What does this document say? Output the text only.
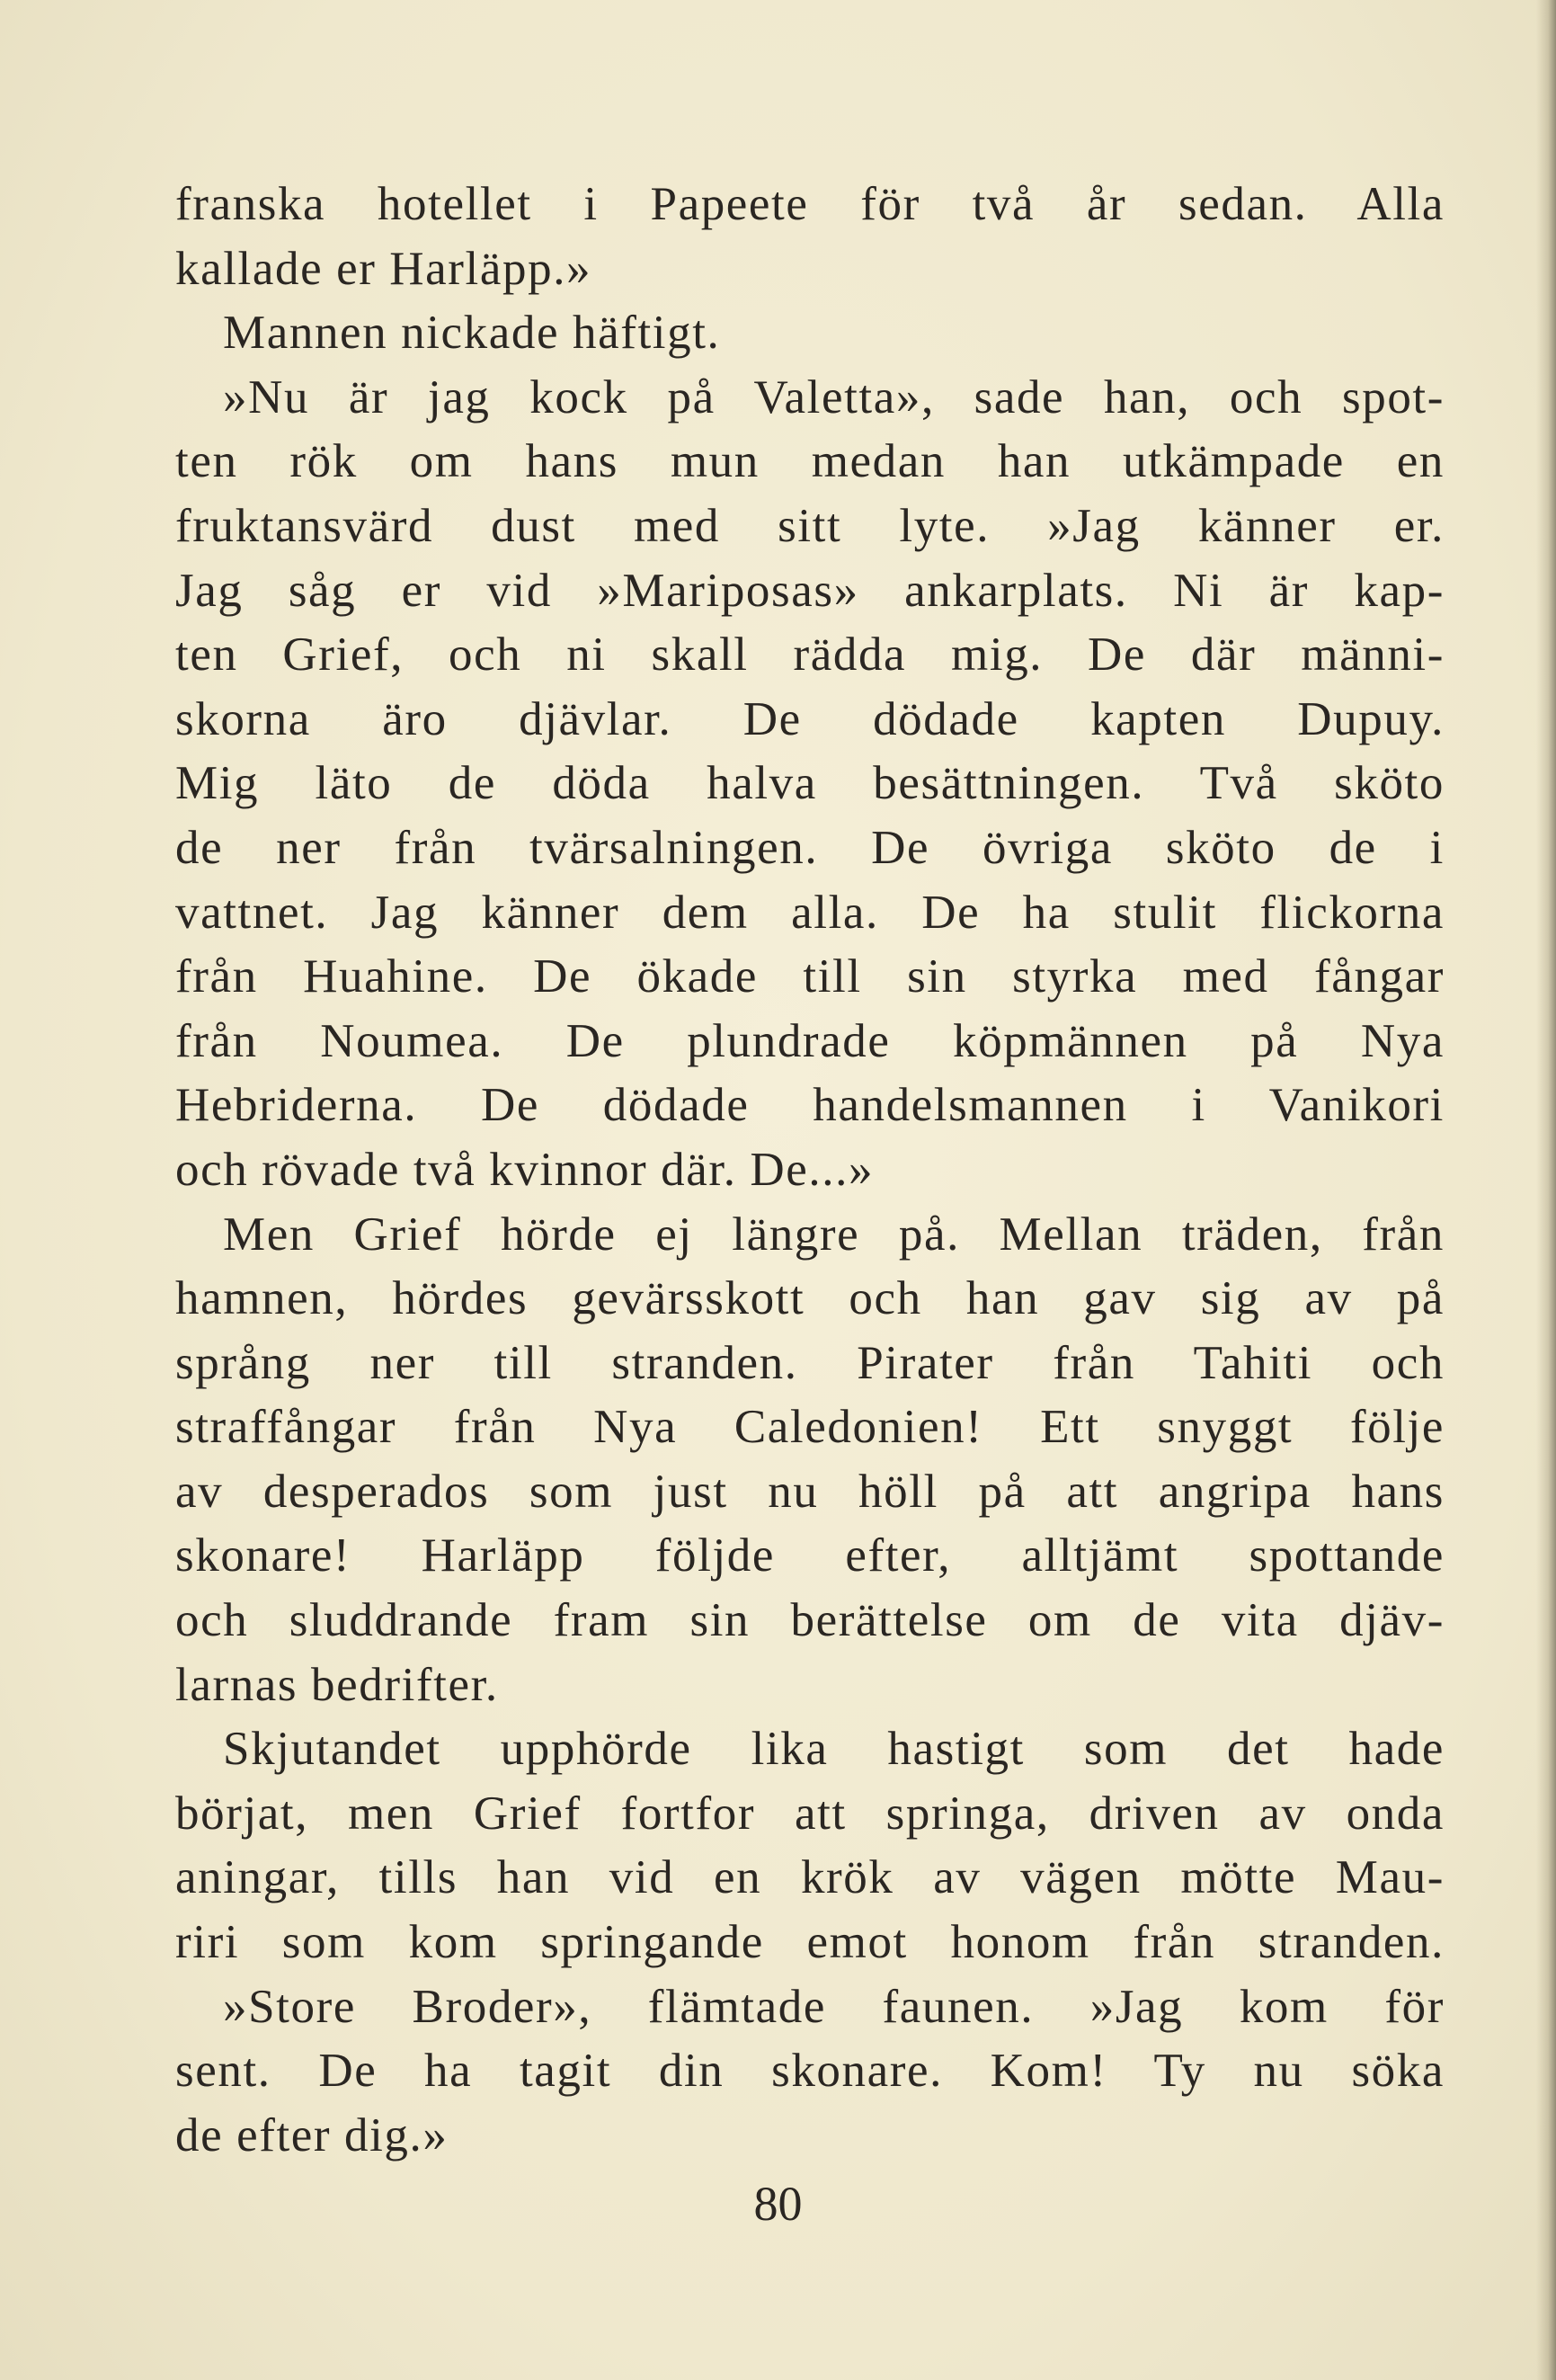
franska hotellet i Papeete för två år sedan. Alla
kallade er Harläpp.»
Mannen nickade häftigt.
»Nu är jag kock på Valetta», sade han, och spot-
ten rök om hans mun medan han utkämpade en
fruktansvärd dust med sitt lyte. »Jag känner er.
Jag såg er vid »Mariposas» ankarplats. Ni är kap-
ten Grief, och ni skall rädda mig. De där männi-
skorna äro djävlar. De dödade kapten Dupuy.
Mig läto de döda halva besättningen. Två sköto
de ner från tvärsalningen. De övriga sköto de i
vattnet. Jag känner dem alla. De ha stulit flickorna
från Huahine. De ökade till sin styrka med fångar
från Noumea. De plundrade köpmännen på Nya
Hebriderna. De dödade handelsmannen i Vanikori
och rövade två kvinnor där. De...»
Men Grief hörde ej längre på. Mellan träden, från
hamnen, hördes gevärsskott och han gav sig av på
språng ner till stranden. Pirater från Tahiti och
straffångar från Nya Caledonien! Ett snyggt följe
av desperados som just nu höll på att angripa hans
skonare! Harläpp följde efter, alltjämt spottande
och sluddrande fram sin berättelse om de vita djäv-
larnas bedrifter.
Skjutandet upphörde lika hastigt som det hade
börjat, men Grief fortfor att springa, driven av onda
aningar, tills han vid en krök av vägen mötte Mau-
riri som kom springande emot honom från stranden.
»Store Broder», flämtade faunen. »Jag kom för
sent. De ha tagit din skonare. Kom! Ty nu söka
de efter dig.»
80
